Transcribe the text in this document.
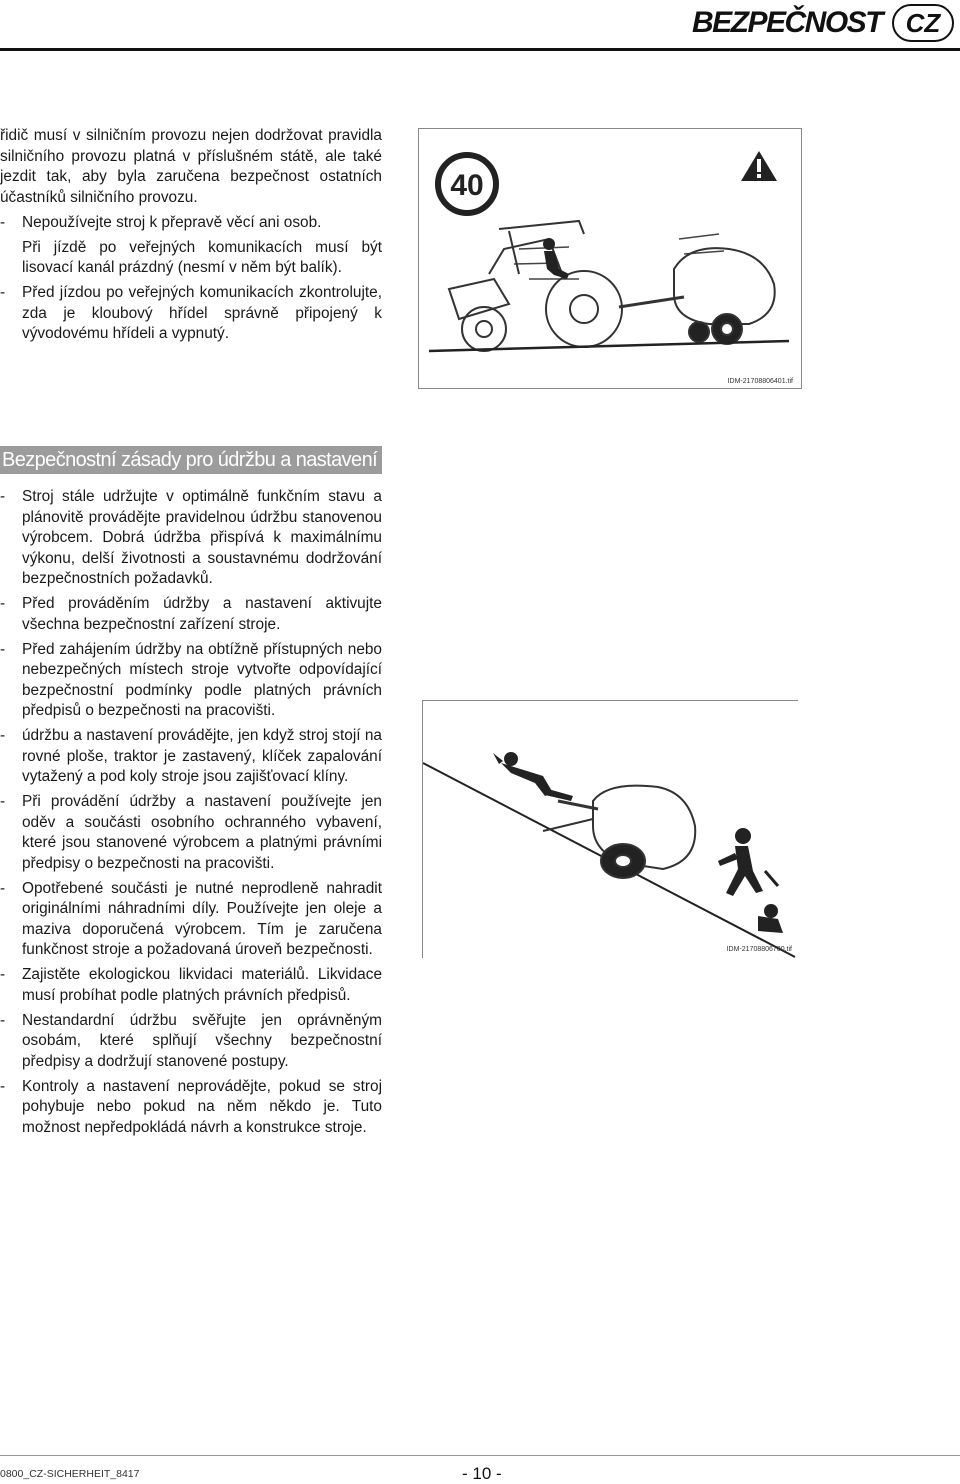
BEZPEČNOST CZ

řidič musí v silničním provozu nejen dodržovat pravidla silničního provozu platná v příslušném státě, ale také jezdit tak, aby byla zaručena bezpečnost ostatních účastníků silničního provozu.

- Nepoužívejte stroj k přepravě věcí ani osob.
Při jízdě po veřejných komunikacích musí být lisovací kanál prázdný (nesmí v něm být balík).
- Před jízdou po veřejných komunikacích zkontrolujte, zda je kloubový hřídel správně připojený k vývodovému hřídeli a vypnutý.
40
IDM-21708806401.tif
Bezpečnostní zásady pro údržbu a nastavení
- Stroj stále udržujte v optimálně funkčním stavu a plánovitě provádějte pravidelnou údržbu stanovenou výrobcem. Dobrá údržba přispívá k maximálnímu výkonu, delší životnosti a soustavnému dodržování bezpečnostních požadavků.
- Před prováděním údržby a nastavení aktivujte všechna bezpečnostní zařízení stroje.
- Před zahájením údržby na obtížně přístupných nebo nebezpečných místech stroje vytvořte odpovídající bezpečnostní podmínky podle platných právních předpisů o bezpečnosti na pracovišti.
- údržbu a nastavení provádějte, jen když stroj stojí na rovné ploše, traktor je zastavený, klíček zapalování vytažený a pod koly stroje jsou zajišťovací klíny.
- Při provádění údržby a nastavení používejte jen oděv a součásti osobního ochranného vybavení, které jsou stanovené výrobcem a platnými právními předpisy o bezpečnosti na pracovišti.
- Opotřebené součásti je nutné neprodleně nahradit originálními náhradními díly. Používejte jen oleje a maziva doporučená výrobcem. Tím je zaručena funkčnost stroje a požadovaná úroveň bezpečnosti.
- Zajistěte ekologickou likvidaci materiálů. Likvidace musí probíhat podle platných právních předpisů.
- Nestandardní údržbu svěřujte jen oprávněným osobám, které splňují všechny bezpečnostní předpisy a dodržují stanovené postupy.
- Kontroly a nastavení neprovádějte, pokud se stroj pohybuje nebo pokud na něm někdo je. Tuto možnost nepředpokládá návrh a konstrukce stroje.
IDM-21708806700.tif
0800_CZ-SICHERHEIT_8417	- 10 -
